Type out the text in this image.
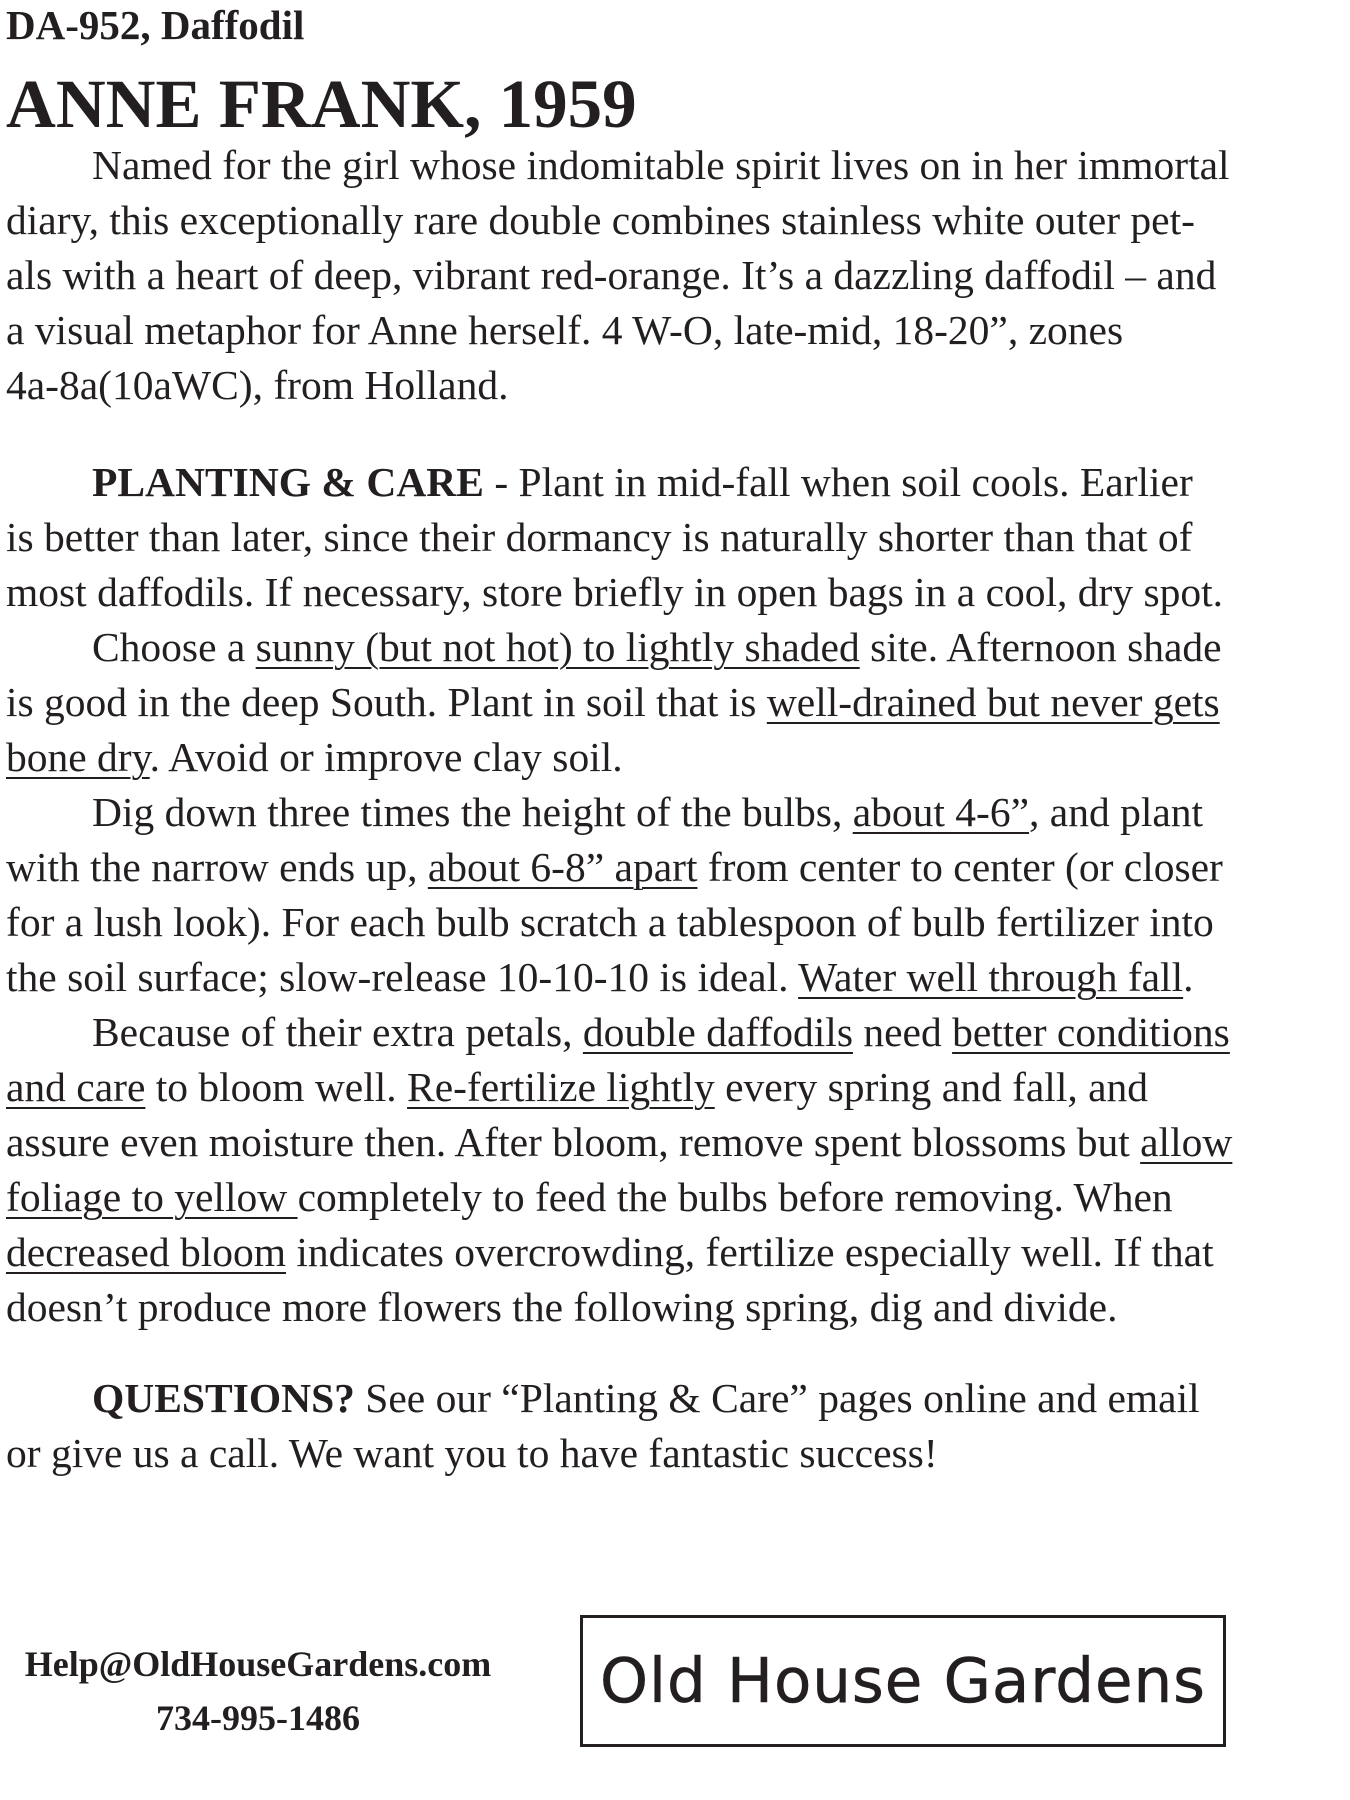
DA-952, Daffodil
ANNE FRANK, 1959
Named for the girl whose indomitable spirit lives on in her immortal
diary, this exceptionally rare double combines stainless white outer pet-
als with a heart of deep, vibrant red-orange. It’s a dazzling daffodil – and
a visual metaphor for Anne herself. 4 W-O, late-mid, 18-20”, zones
4a-8a(10aWC), from Holland.
PLANTING & CARE - Plant in mid-fall when soil cools. Earlier
is better than later, since their dormancy is naturally shorter than that of
most daffodils. If necessary, store briefly in open bags in a cool, dry spot.
Choose a sunny (but not hot) to lightly shaded site. Afternoon shade
is good in the deep South. Plant in soil that is well-drained but never gets
bone dry. Avoid or improve clay soil.
Dig down three times the height of the bulbs, about 4-6”, and plant
with the narrow ends up, about 6-8” apart from center to center (or closer
for a lush look). For each bulb scratch a tablespoon of bulb fertilizer into
the soil surface; slow-release 10-10-10 is ideal. Water well through fall.
Because of their extra petals, double daffodils need better conditions
and care to bloom well. Re-fertilize lightly every spring and fall, and
assure even moisture then. After bloom, remove spent blossoms but allow
foliage to yellow completely to feed the bulbs before removing. When
decreased bloom indicates overcrowding, fertilize especially well. If that
doesn’t produce more flowers the following spring, dig and divide.
QUESTIONS? See our “Planting & Care” pages online and email
or give us a call. We want you to have fantastic success!
Help@OldHouseGardens.com
734-995-1486
Old House Gardens
